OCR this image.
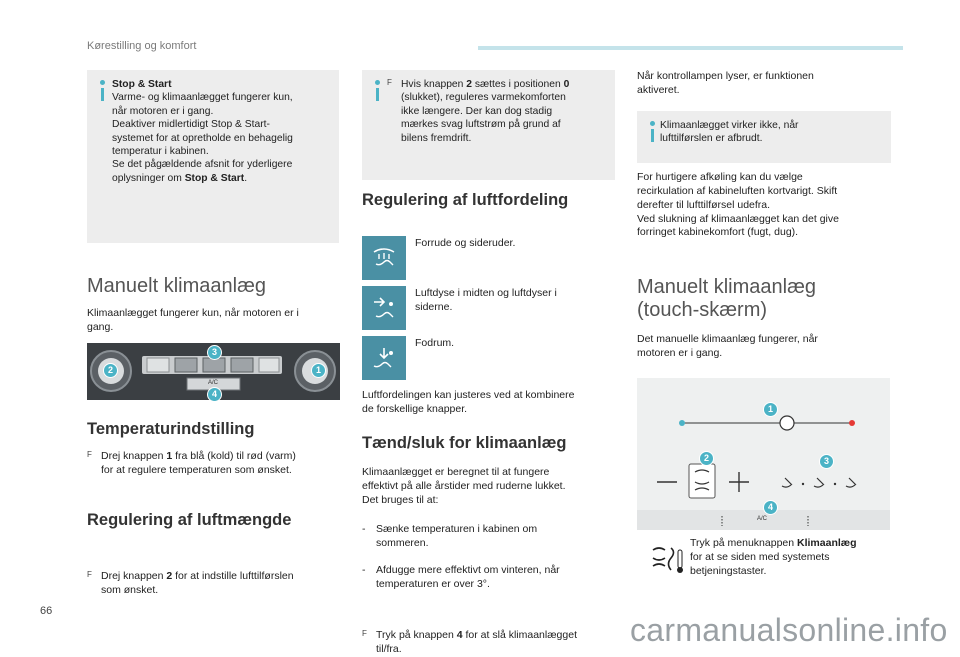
Kørestilling og komfort
Stop & Start
Varme- og klimaanlægget fungerer kun,
når motoren er i gang.
Deaktiver midlertidigt Stop & Start-
systemet for at opretholde en behagelig
temperatur i kabinen.
Se det pågældende afsnit for yderligere
oplysninger om Stop & Start.
Manuelt klimaanlæg
Klimaanlægget fungerer kun, når motoren er i
gang.
A/C
3
2	1
4
Temperaturindstilling
F Drej knappen 1 fra blå (kold) til rød (varm)
for at regulere temperaturen som ønsket.
Regulering af luftmængde
F Drej knappen 2 for at indstille lufttilførslen
som ønsket.
F Hvis knappen 2 sættes i positionen 0
(slukket), reguleres varmekomforten
ikke længere. Der kan dog stadig
mærkes svag luftstrøm på grund af
bilens fremdrift.
Regulering af luftfordeling
Forrude og sideruder.
Luftdyse i midten og luftdyser i
siderne.
Fodrum.
Luftfordelingen kan justeres ved at kombinere
de forskellige knapper.
Tænd/sluk for klimaanlæg
Klimaanlægget er beregnet til at fungere
effektivt på alle årstider med ruderne lukket.
Det bruges til at:

- Sænke temperaturen i kabinen om
sommeren.

- Afdugge mere effektivt om vinteren, når
temperaturen er over 3°.

F Tryk på knappen 4 for at slå klimaanlægget
til/fra.
Når kontrollampen lyser, er funktionen
aktiveret.
Klimaanlægget virker ikke, når
lufttilførslen er afbrudt.
For hurtigere afkøling kan du vælge
recirkulation af kabineluften kortvarigt. Skift
derefter til lufttilførsel udefra.
Ved slukning af klimaanlægget kan det give
forringet kabinekomfort (fugt, dug).
Manuelt klimaanlæg
(touch-skærm)
Det manuelle klimaanlæg fungerer, når
motoren er i gang.
A/C
1
2	3
4
Tryk på menuknappen Klimaanlæg
for at se siden med systemets
betjeningstaster.
66
carmanualsonline.info
